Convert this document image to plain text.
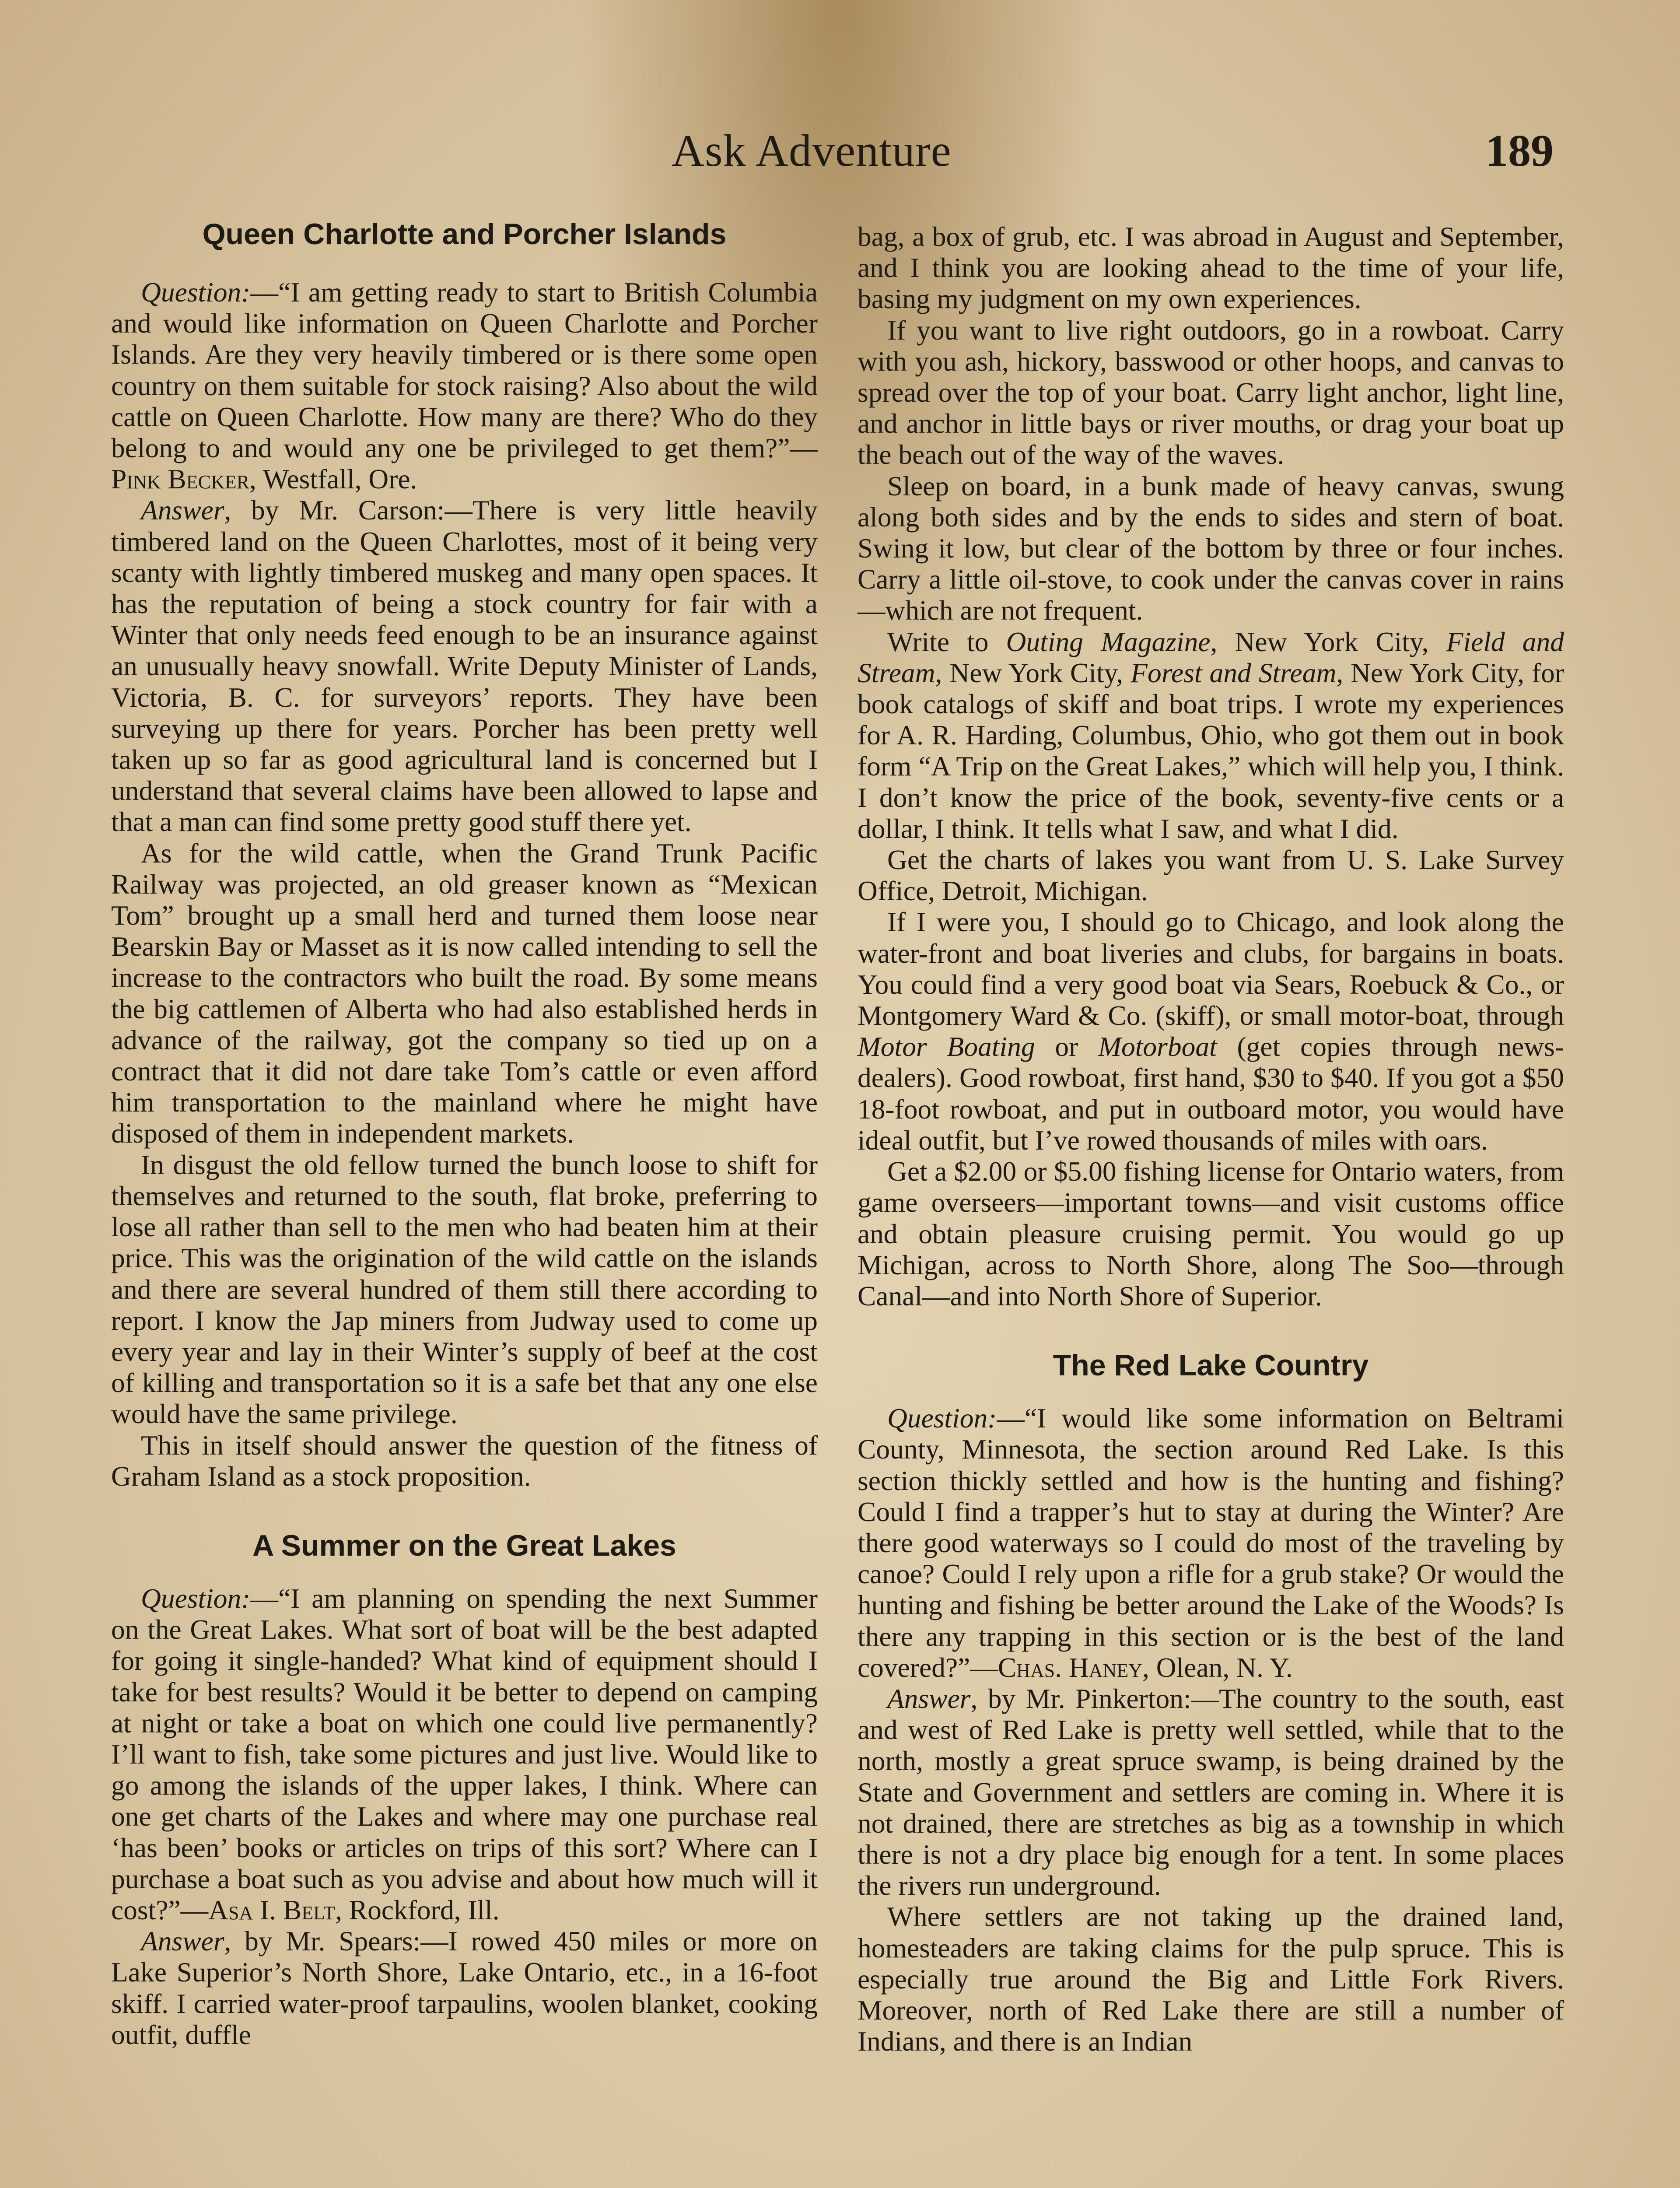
Ask Adventure	189
Queen Charlotte and Porcher Islands

Question:—“I am getting ready to start to British Columbia and would like information on Queen Charlotte and Porcher Islands. Are they very heavily timbered or is there some open country on them suitable for stock raising? Also about the wild cattle on Queen Charlotte. How many are there? Who do they belong to and would any one be privileged to get them?”—Pink Becker, Westfall, Ore.

Answer, by Mr. Carson:—There is very little heavily timbered land on the Queen Charlottes, most of it being very scanty with lightly timbered muskeg and many open spaces. It has the reputation of being a stock country for fair with a Winter that only needs feed enough to be an insurance against an unusually heavy snowfall. Write Deputy Minister of Lands, Victoria, B. C. for surveyors’ reports. They have been surveying up there for years. Porcher has been pretty well taken up so far as good agricultural land is concerned but I understand that several claims have been allowed to lapse and that a man can find some pretty good stuff there yet.

As for the wild cattle, when the Grand Trunk Pacific Railway was projected, an old greaser known as “Mexican Tom” brought up a small herd and turned them loose near Bearskin Bay or Masset as it is now called intending to sell the increase to the contractors who built the road. By some means the big cattlemen of Alberta who had also established herds in advance of the railway, got the company so tied up on a contract that it did not dare take Tom’s cattle or even afford him transportation to the mainland where he might have disposed of them in independent markets.

In disgust the old fellow turned the bunch loose to shift for themselves and returned to the south, flat broke, preferring to lose all rather than sell to the men who had beaten him at their price. This was the origination of the wild cattle on the islands and there are several hundred of them still there according to report. I know the Jap miners from Judway used to come up every year and lay in their Winter’s supply of beef at the cost of killing and transportation so it is a safe bet that any one else would have the same privilege.

This in itself should answer the question of the fitness of Graham Island as a stock proposition.

A Summer on the Great Lakes

Question:—“I am planning on spending the next Summer on the Great Lakes. What sort of boat will be the best adapted for going it single-handed? What kind of equipment should I take for best results? Would it be better to depend on camping at night or take a boat on which one could live permanently? I’ll want to fish, take some pictures and just live. Would like to go among the islands of the upper lakes, I think. Where can one get charts of the Lakes and where may one purchase real ‘has been’ books or articles on trips of this sort? Where can I purchase a boat such as you advise and about how much will it cost?”—Asa I. Belt, Rockford, Ill.

Answer, by Mr. Spears:—I rowed 450 miles or more on Lake Superior’s North Shore, Lake Ontario, etc., in a 16-foot skiff. I carried water-proof tarpaulins, woolen blanket, cooking outfit, duffle

bag, a box of grub, etc. I was abroad in August and September, and I think you are looking ahead to the time of your life, basing my judgment on my own experiences.

If you want to live right outdoors, go in a rowboat. Carry with you ash, hickory, basswood or other hoops, and canvas to spread over the top of your boat. Carry light anchor, light line, and anchor in little bays or river mouths, or drag your boat up the beach out of the way of the waves.

Sleep on board, in a bunk made of heavy canvas, swung along both sides and by the ends to sides and stern of boat. Swing it low, but clear of the bottom by three or four inches. Carry a little oil-stove, to cook under the canvas cover in rains—which are not frequent.

Write to Outing Magazine, New York City, Field and Stream, New York City, Forest and Stream, New York City, for book catalogs of skiff and boat trips. I wrote my experiences for A. R. Harding, Columbus, Ohio, who got them out in book form “A Trip on the Great Lakes,” which will help you, I think. I don’t know the price of the book, seventy-five cents or a dollar, I think. It tells what I saw, and what I did.

Get the charts of lakes you want from U. S. Lake Survey Office, Detroit, Michigan.

If I were you, I should go to Chicago, and look along the water-front and boat liveries and clubs, for bargains in boats. You could find a very good boat via Sears, Roebuck & Co., or Montgomery Ward & Co. (skiff), or small motor-boat, through Motor Boating or Motorboat (get copies through news-dealers). Good rowboat, first hand, $30 to $40. If you got a $50 18-foot rowboat, and put in outboard motor, you would have ideal outfit, but I’ve rowed thousands of miles with oars.

Get a $2.00 or $5.00 fishing license for Ontario waters, from game overseers—important towns—and visit customs office and obtain pleasure cruising permit. You would go up Michigan, across to North Shore, along The Soo—through Canal—and into North Shore of Superior.

The Red Lake Country

Question:—“I would like some information on Beltrami County, Minnesota, the section around Red Lake. Is this section thickly settled and how is the hunting and fishing? Could I find a trapper’s hut to stay at during the Winter? Are there good waterways so I could do most of the traveling by canoe? Could I rely upon a rifle for a grub stake? Or would the hunting and fishing be better around the Lake of the Woods? Is there any trapping in this section or is the best of the land covered?”—Chas. Haney, Olean, N. Y.

Answer, by Mr. Pinkerton:—The country to the south, east and west of Red Lake is pretty well settled, while that to the north, mostly a great spruce swamp, is being drained by the State and Government and settlers are coming in. Where it is not drained, there are stretches as big as a township in which there is not a dry place big enough for a tent. In some places the rivers run underground.

Where settlers are not taking up the drained land, homesteaders are taking claims for the pulp spruce. This is especially true around the Big and Little Fork Rivers. Moreover, north of Red Lake there are still a number of Indians, and there is an Indian
